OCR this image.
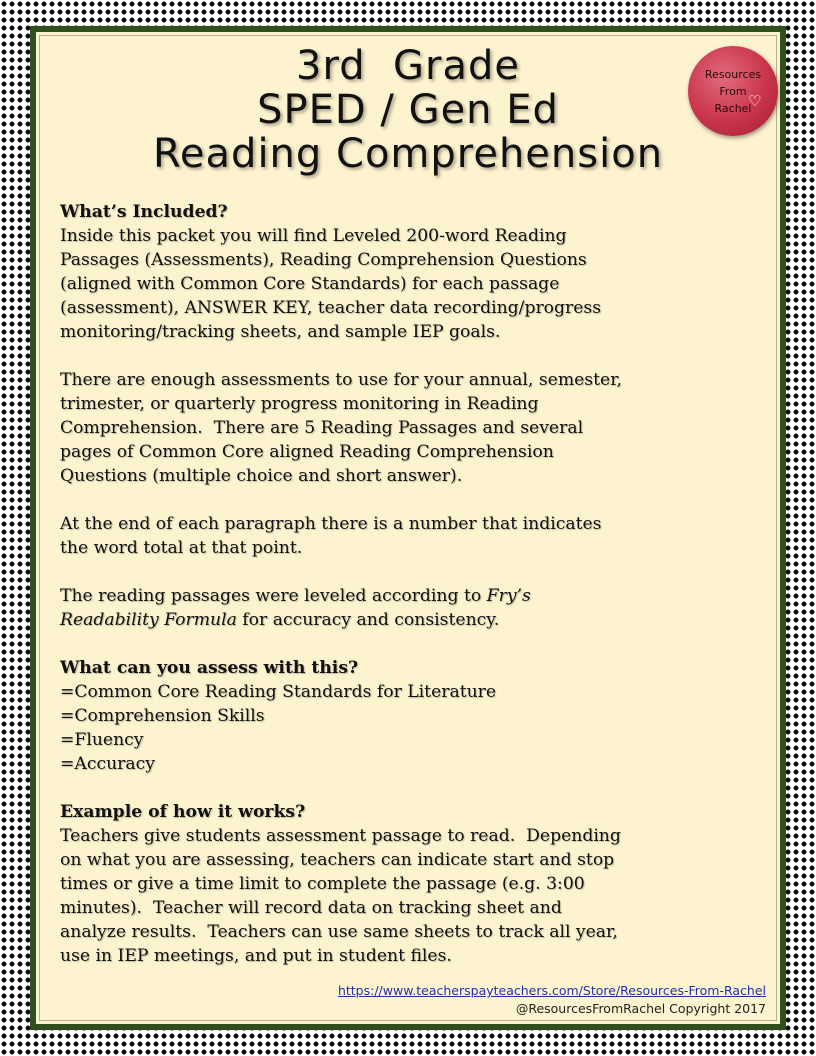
3rd  Grade
SPED / Gen Ed
Reading Comprehension
Resources
From
Rachel
♡
What’s Included?
Inside this packet you will find Leveled 200-word Reading
Passages (Assessments), Reading Comprehension Questions
(aligned with Common Core Standards) for each passage
(assessment), ANSWER KEY, teacher data recording/progress
monitoring/tracking sheets, and sample IEP goals.
There are enough assessments to use for your annual, semester,
trimester, or quarterly progress monitoring in Reading
Comprehension.  There are 5 Reading Passages and several
pages of Common Core aligned Reading Comprehension
Questions (multiple choice and short answer).
At the end of each paragraph there is a number that indicates
the word total at that point.
The reading passages were leveled according to Fry’s
Readability Formula for accuracy and consistency.
What can you assess with this?
=Common Core Reading Standards for Literature
=Comprehension Skills
=Fluency
=Accuracy
Example of how it works?
Teachers give students assessment passage to read.  Depending
on what you are assessing, teachers can indicate start and stop
times or give a time limit to complete the passage (e.g. 3:00
minutes).  Teacher will record data on tracking sheet and
analyze results.  Teachers can use same sheets to track all year,
use in IEP meetings, and put in student files.
https://www.teacherspayteachers.com/Store/Resources-From-Rachel
@ResourcesFromRachel Copyright 2017
